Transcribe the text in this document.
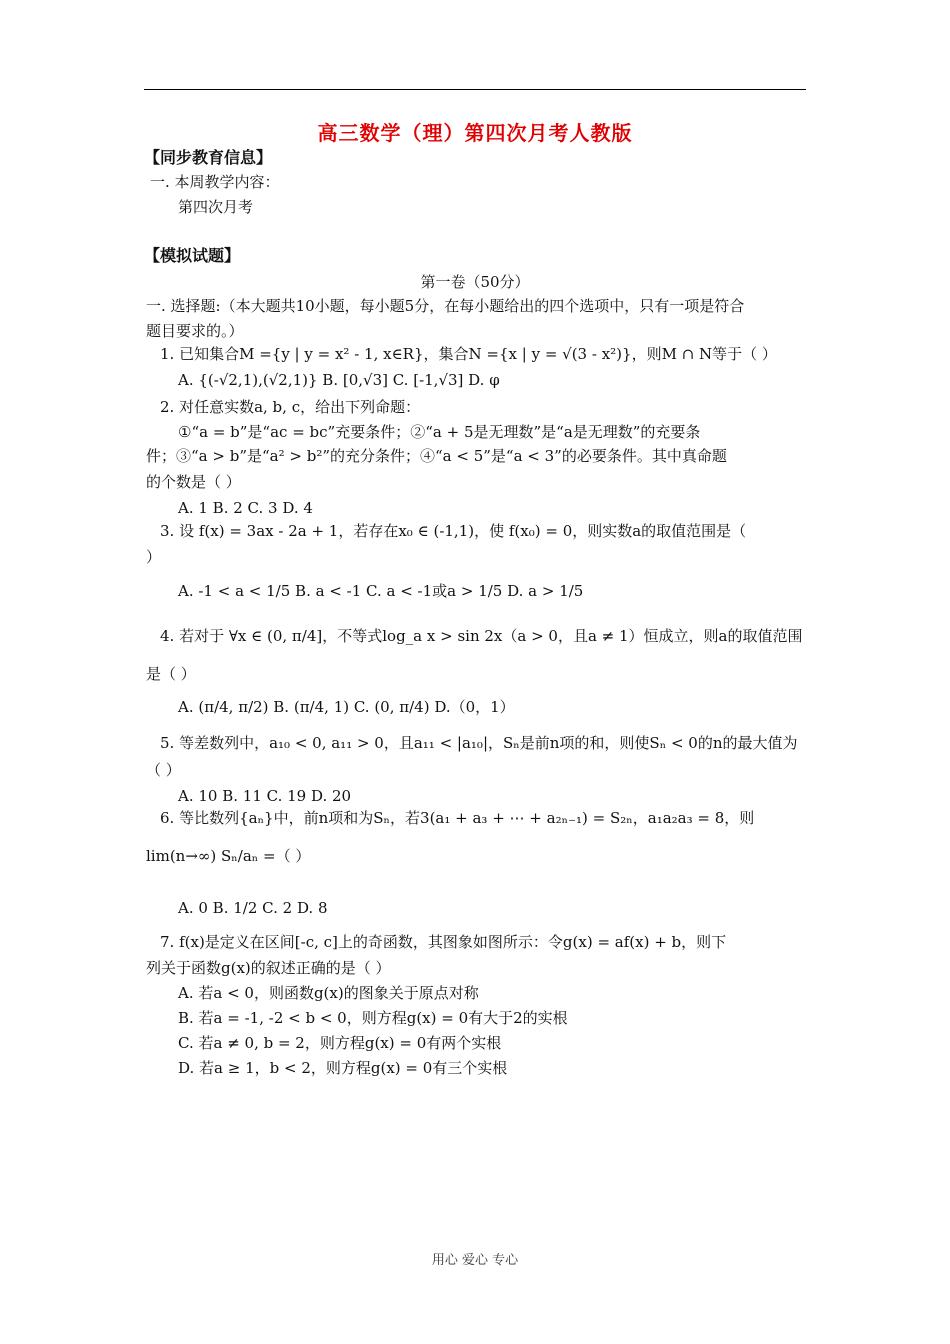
高三数学（理）第四次月考人教版
【同步教育信息】
一. 本周教学内容：
第四次月考
【模拟试题】
第一卷（50分）
一. 选择题:（本大题共10小题，每小题5分，在每小题给出的四个选项中，只有一项是符合
题目要求的。）
1. 已知集合M ={y | y = x² - 1, x∈R}，集合N ={x | y = √(3 - x²)}，则M ∩ N等于（ ）
A. {(-√2,1),(√2,1)} B. [0,√3] C. [-1,√3] D. φ
2. 对任意实数a, b, c，给出下列命题：
①“a = b”是“ac = bc”充要条件；②“a + 5是无理数”是“a是无理数”的充要条
件；③“a > b”是“a² > b²”的充分条件；④“a < 5”是“a < 3”的必要条件。其中真命题
的个数是（ ）
A. 1 B. 2 C. 3 D. 4
3. 设 f(x) = 3ax - 2a + 1，若存在x₀ ∈ (-1,1)，使 f(x₀) = 0，则实数a的取值范围是（
）
A. -1 < a < 1/5 B. a < -1 C. a < -1或a > 1/5 D. a > 1/5
4. 若对于 ∀x ∈ (0, π/4]，不等式log_a x > sin 2x（a > 0，且a ≠ 1）恒成立，则a的取值范围
是（ ）
A. (π/4, π/2) B. (π/4, 1) C. (0, π/4) D.（0，1）
5. 等差数列中，a₁₀ < 0, a₁₁ > 0，且a₁₁ < |a₁₀|，Sₙ是前n项的和，则使Sₙ < 0的n的最大值为
（ ）
A. 10 B. 11 C. 19 D. 20
6. 等比数列{aₙ}中，前n项和为Sₙ，若3(a₁ + a₃ + ⋯ + a₂ₙ₋₁) = S₂ₙ，a₁a₂a₃ = 8，则
lim(n→∞) Sₙ/aₙ =（ ）
A. 0 B. 1/2 C. 2 D. 8
7. f(x)是定义在区间[-c, c]上的奇函数，其图象如图所示：令g(x) = af(x) + b，则下
列关于函数g(x)的叙述正确的是（ ）
A. 若a < 0，则函数g(x)的图象关于原点对称
B. 若a = -1, -2 < b < 0，则方程g(x) = 0有大于2的实根
C. 若a ≠ 0, b = 2，则方程g(x) = 0有两个实根
D. 若a ≥ 1，b < 2，则方程g(x) = 0有三个实根
用心 爱心 专心
